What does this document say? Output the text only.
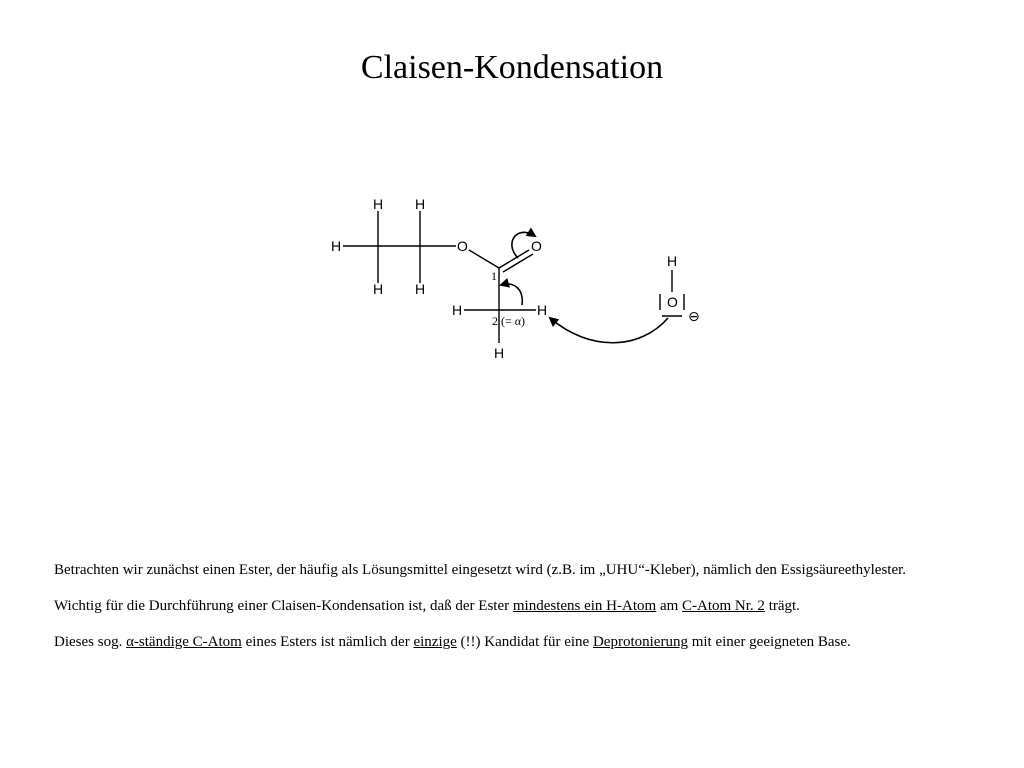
Claisen-Kondensation
H H
H
H H
O	O
1
H	H
2 (= α)
H
H
O
⊖

Betrachten wir zunächst einen Ester, der häufig als Lösungsmittel eingesetzt wird (z.B. im „UHU“-Kleber), nämlich den Essigsäureethylester.

Wichtig für die Durchführung einer Claisen-Kondensation ist, daß der Ester mindestens ein H-Atom am C-Atom Nr. 2 trägt.

Dieses sog. α-ständige C-Atom eines Esters ist nämlich der einzige (!!) Kandidat für eine Deprotonierung mit einer geeigneten Base.
